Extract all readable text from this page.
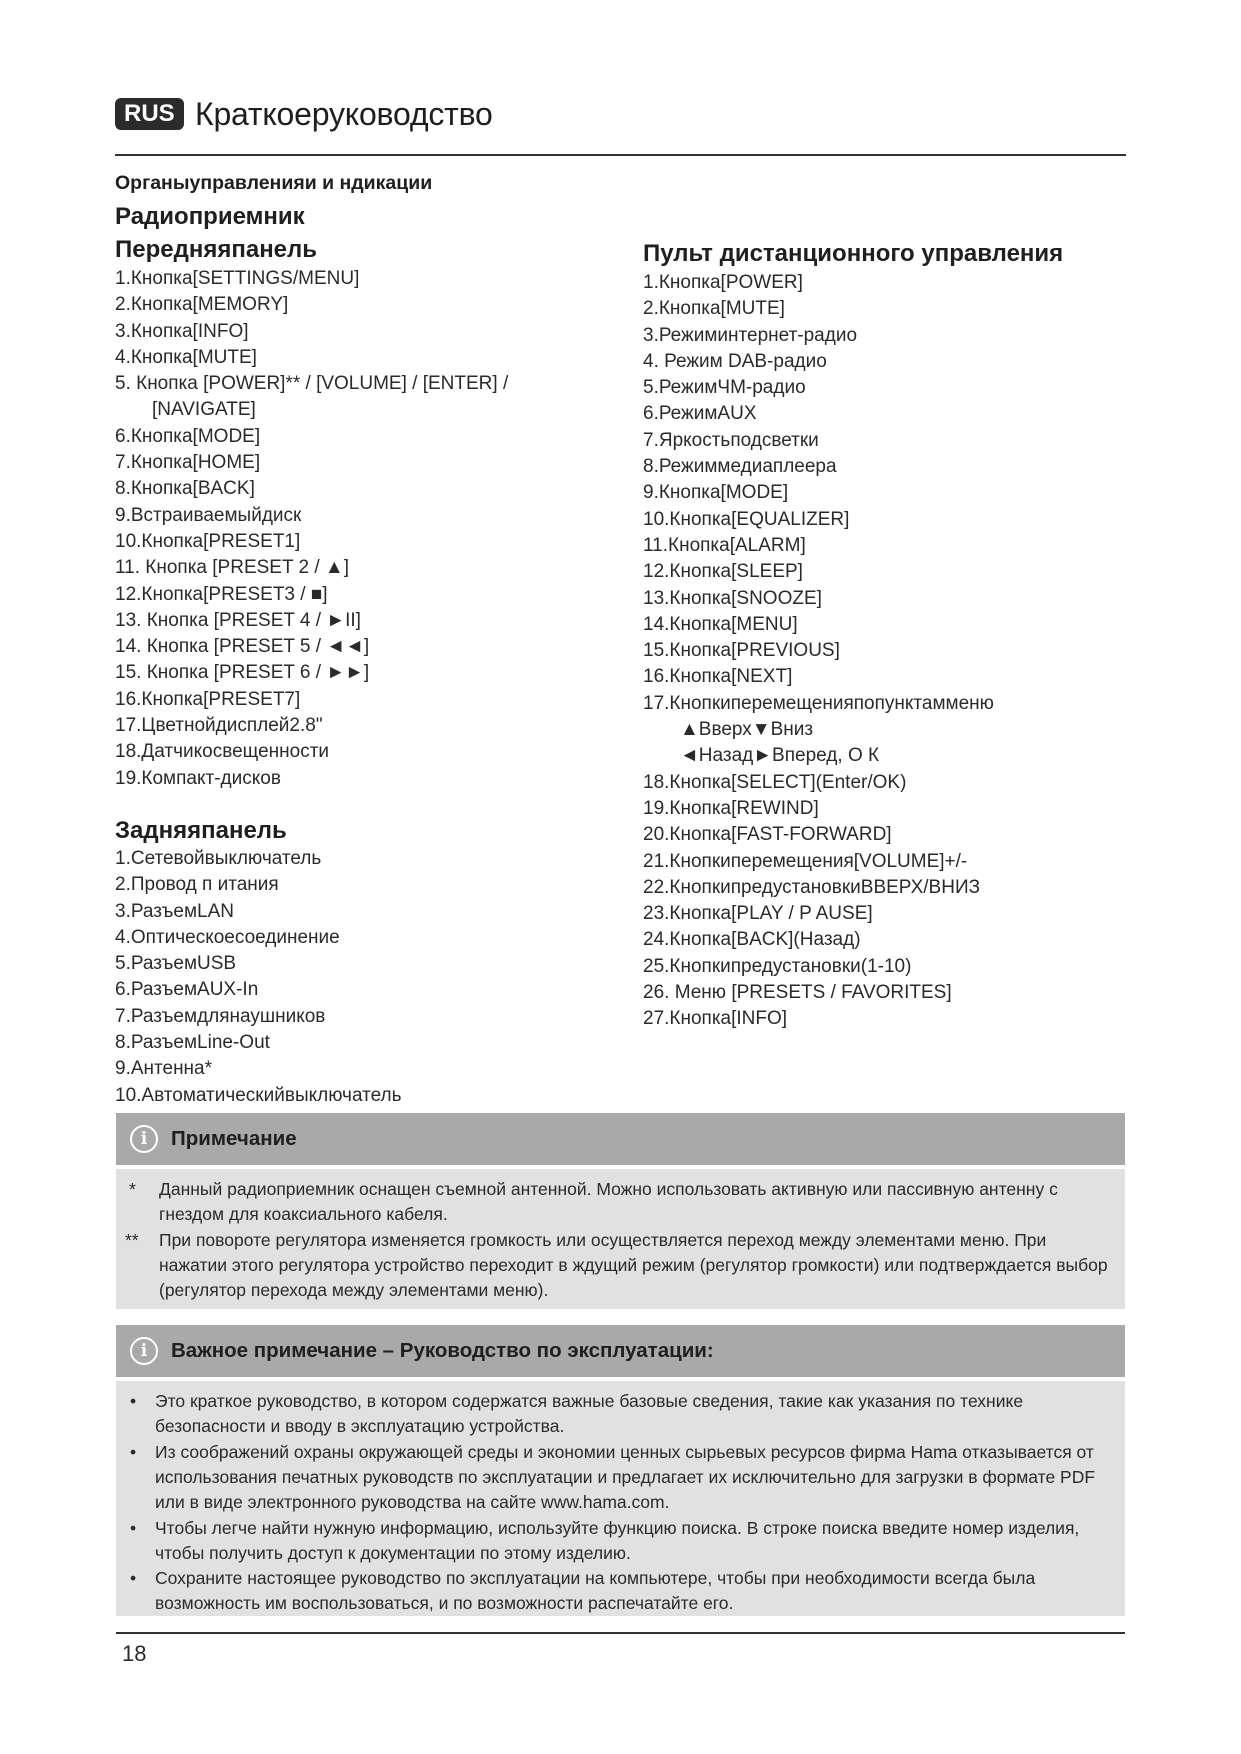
RUS Краткоеруководство
Органыуправленияи и ндикации
Радиоприемник
Передняяпанель
1.Кнопка[SETTINGS/MENU]
2.Кнопка[MEMORY]
3.Кнопка[INFO]
4.Кнопка[MUTE]
5. Кнопка [POWER]** / [VOLUME] / [ENTER] /
[NAVIGATE]
6.Кнопка[MODE]
7.Кнопка[HOME]
8.Кнопка[BACK]
9.Встраиваемыйдиск
10.Кнопка[PRESET1]
11. Кнопка [PRESET 2 / ▲]
12.Кнопка[PRESET3 / ■]
13. Кнопка [PRESET 4 / ►II]
14. Кнопка [PRESET 5 / ◄◄]
15. Кнопка [PRESET 6 / ►►]
16.Кнопка[PRESET7]
17.Цветнойдисплей2.8"
18.Датчикосвещенности
19.Компакт-дисков
Задняяпанель
1.Сетевойвыключатель
2.Провод п итания
3.РазъемLAN
4.Оптическоесоединение
5.РазъемUSB
6.РазъемAUX-In
7.Разъемдлянаушников
8.РазъемLine-Out
9.Антенна*
10.Автоматическийвыключатель
Пульт дистанционного управления
1.Кнопка[POWER]
2.Кнопка[MUTE]
3.Режиминтернет-радио
4. Режим DAB-радио
5.РежимЧМ-радио
6.РежимAUX
7.Яркостьподсветки
8.Режиммедиаплеера
9.Кнопка[MODE]
10.Кнопка[EQUALIZER]
11.Кнопка[ALARM]
12.Кнопка[SLEEP]
13.Кнопка[SNOOZE]
14.Кнопка[MENU]
15.Кнопка[PREVIOUS]
16.Кнопка[NEXT]
17.Кнопкиперемещенияпопунктамменю
▲Вверх▼Вниз
◄Назад►Вперед, О К
18.Кнопка[SELECT](Enter/OK)
19.Кнопка[REWIND]
20.Кнопка[FAST-FORWARD]
21.Кнопкиперемещения[VOLUME]+/-
22.КнопкипредустановкиВВЕРХ/ВНИЗ
23.Кнопка[PLAY / P AUSE]
24.Кнопка[BACK](Назад)
25.Кнопкипредустановки(1-10)
26. Меню [PRESETS / FAVORITES]
27.Кнопка[INFO]
i	Примечание
* Данный радиоприемник оснащен съемной антенной. Можно использовать активную или пассивную антенну с гнездом для коаксиального кабеля.
** При повороте регулятора изменяется громкость или осуществляется переход между элементами меню. При нажатии этого регулятора устройство переходит в ждущий режим (регулятор громкости) или подтверждается выбор (регулятор перехода между элементами меню).
i	Важное примечание – Руководство по эксплуатации:
• Это краткое руководство, в котором содержатся важные базовые сведения, такие как указания по технике безопасности и вводу в эксплуатацию устройства.
• Из соображений охраны окружающей среды и экономии ценных сырьевых ресурсов фирма Hama отказывается от использования печатных руководств по эксплуатации и предлагает их исключительно для загрузки в формате PDF или в виде электронного руководства на сайте www.hama.com.
• Чтобы легче найти нужную информацию, используйте функцию поиска. В строке поиска введите номер изделия, чтобы получить доступ к документации по этому изделию.
• Сохраните настоящее руководство по эксплуатации на компьютере, чтобы при необходимости всегда была возможность им воспользоваться, и по возможности распечатайте его.
18
